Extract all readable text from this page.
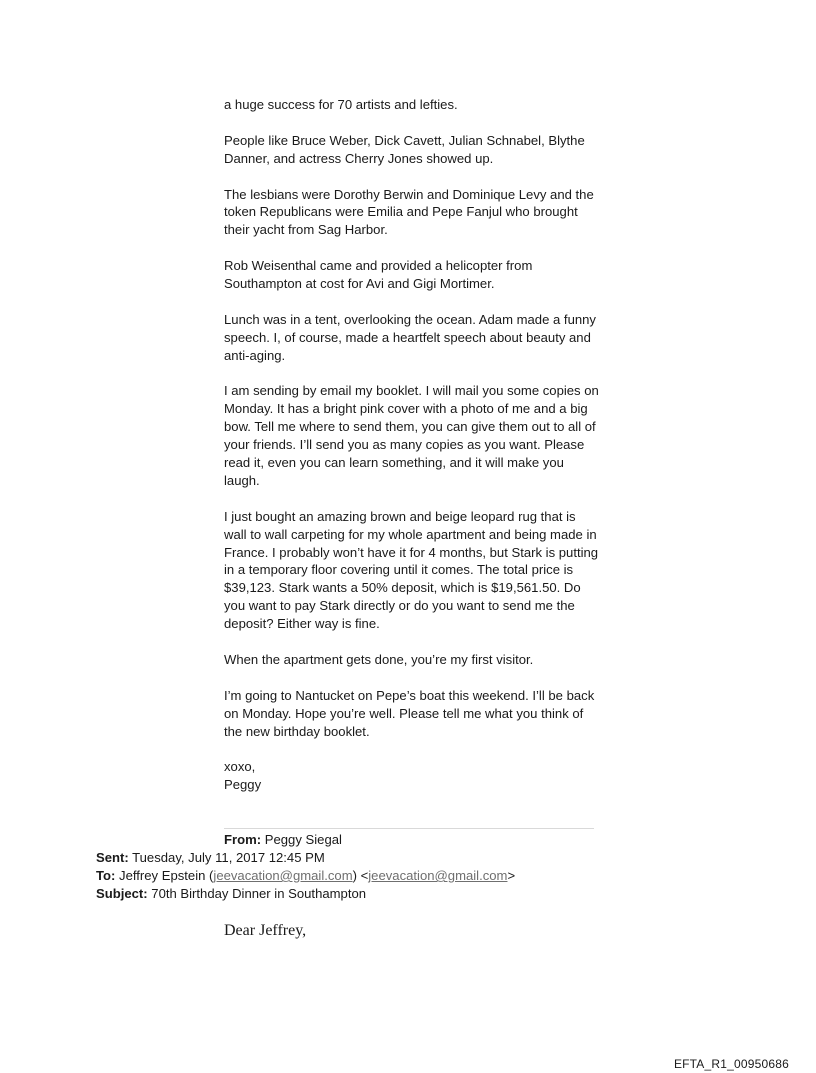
a huge success for 70 artists and lefties.

People like Bruce Weber, Dick Cavett, Julian Schnabel, Blythe Danner, and actress Cherry Jones showed up.

The lesbians were Dorothy Berwin and Dominique Levy and the token Republicans were Emilia and Pepe Fanjul who brought their yacht from Sag Harbor.

Rob Weisenthal came and provided a helicopter from Southampton at cost for Avi and Gigi Mortimer.

Lunch was in a tent, overlooking the ocean. Adam made a funny speech. I, of course, made a heartfelt speech about beauty and anti-aging.

I am sending by email my booklet. I will mail you some copies on Monday. It has a bright pink cover with a photo of me and a big bow. Tell me where to send them, you can give them out to all of your friends. I’ll send you as many copies as you want. Please read it, even you can learn something, and it will make you laugh.

I just bought an amazing brown and beige leopard rug that is wall to wall carpeting for my whole apartment and being made in France. I probably won’t have it for 4 months, but Stark is putting in a temporary floor covering until it comes. The total price is $39,123. Stark wants a 50% deposit, which is $19,561.50. Do you want to pay Stark directly or do you want to send me the deposit? Either way is fine.

When the apartment gets done, you’re my first visitor.

I’m going to Nantucket on Pepe’s boat this weekend. I’ll be back on Monday. Hope you’re well. Please tell me what you think of the new birthday booklet.

xoxo,

Peggy

From: Peggy Siegal
Sent: Tuesday, July 11, 2017 12:45 PM
To: Jeffrey Epstein (jeevacation@gmail.com) <jeevacation@gmail.com>
Subject: 70th Birthday Dinner in Southampton
Dear Jeffrey,
EFTA_R1_00950686
